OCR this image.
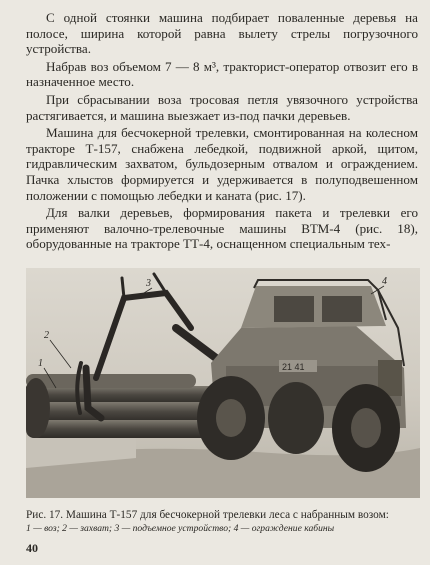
С одной стоянки машина подбирает поваленные деревья на полосе, ширина которой равна вылету стрелы погрузочного устройства.

Набрав воз объемом 7 — 8 м³, тракторист-оператор отвозит его в назначенное место.

При сбрасывании воза тросовая петля увязочного устройства растягивается, и машина выезжает из-под пачки деревьев.

Машина для бесчокерной трелевки, смонтированная на колесном тракторе Т-157, снабжена лебедкой, подвижной аркой, щитом, гидравлическим захватом, бульдозерным отвалом и ограждением. Пачка хлыстов формируется и удерживается в полуподвешенном положении с помощью лебедки и каната (рис. 17).

Для валки деревьев, формирования пакета и трелевки его применяют валочно-трелевочные машины ВТМ-4 (рис. 18), оборудованные на тракторе ТТ-4, оснащенном специальным тех-

21 41
1
2
3	4
Рис. 17. Машина Т-157 для бесчокерной трелевки леса с набранным возом:
1 — воз; 2 — захват; 3 — подъемное устройство; 4 — ограждение кабины
40
